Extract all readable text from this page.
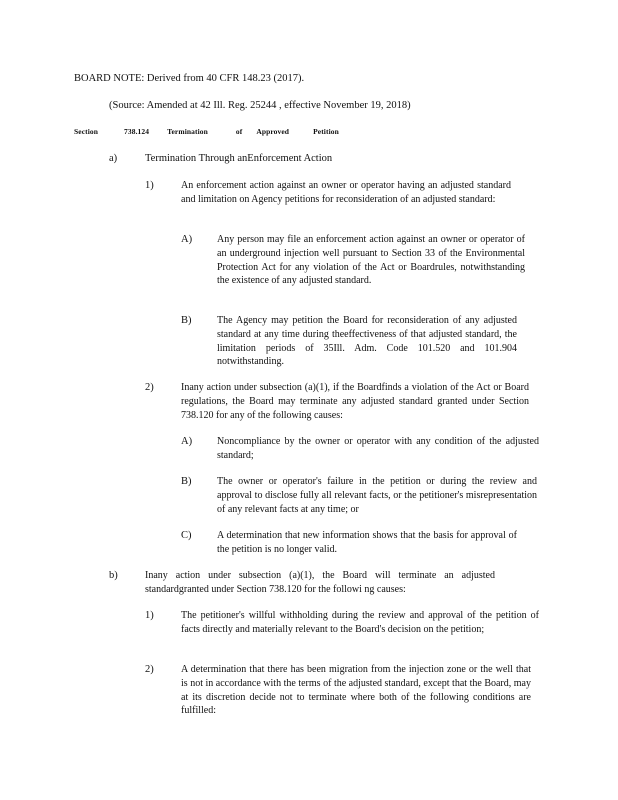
BOARD NOTE: Derived from 40 CFR 148.23 (2017).
(Source: Amended at 42 Ill. Reg. 25244 , effective November 19, 2018)
Section	738.124 Termination	of Approved	Petition
a)	Termination Through anEnforcement Action
1)	An enforcement action against an owner or operator having an adjusted standard and limitation on Agency petitions for reconsideration of an adjusted standard:
A) Any person may file an enforcement action against an owner or operator of an underground injection well pursuant to Section 33 of the Environmental Protection Act for any violation of the Act or Boardrules, notwithstanding the existence of any adjusted standard.
B)	The Agency may petition the Board for reconsideration of any adjusted standard at any time during theeffectiveness of that adjusted standard, the limitation periods of 35Ill. Adm. Code 101.520 and 101.904 notwithstanding.
2)	Inany action under subsection (a)(1), if the Boardfinds a violation of the Act or Board regulations, the Board may terminate any adjusted standard granted under Section 738.120 for any of the following causes:
A) Noncompliance by the owner or operator with any condition of the adjusted standard;
B)	The owner or operator's failure in the petition or during the review and approval to disclose fully all relevant facts, or the petitioner's misrepresentation of any relevant facts at any time; or
C)	A determination that new information shows that the basis for approval of the petition is no longer valid.
b)	Inany action under subsection (a)(1), the Board will terminate an adjusted standardgranted under Section 738.120 for the followi ng causes:
1)	The petitioner's willful withholding during the review and approval of the petition of facts directly and materially relevant to the Board's decision on the petition;
2)	A determination that there has been migration from the injection zone or the well that is not in accordance with the terms of the adjusted standard, except that the Board, may at its discretion decide not to terminate where both of the following conditions are fulfilled:
